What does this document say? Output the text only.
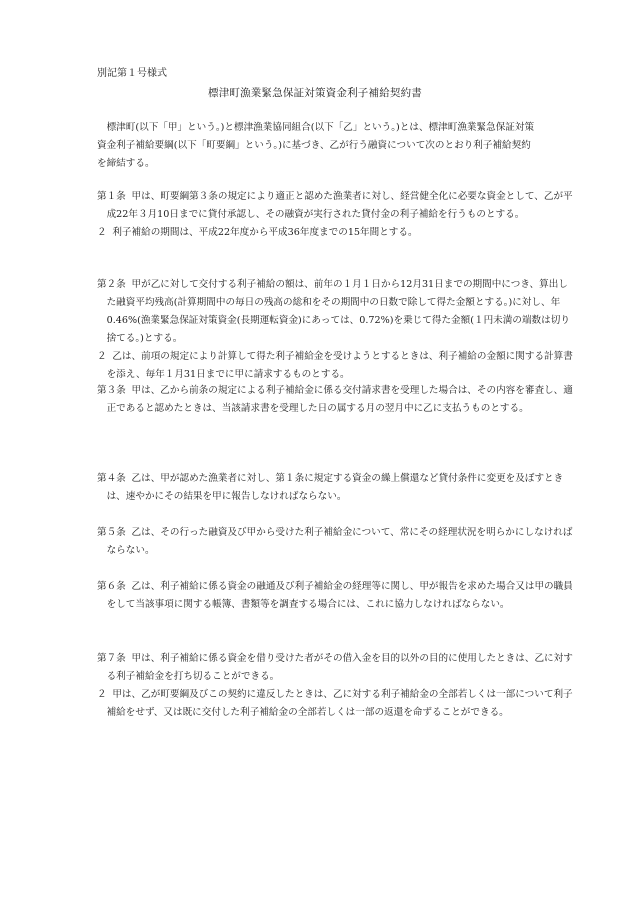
別記第１号様式
標津町漁業緊急保証対策資金利子補給契約書
標津町(以下「甲」という。)と標津漁業協同組合(以下「乙」という。)とは、標津町漁業緊急保証対策資金利子補給要綱(以下「町要綱」という。)に基づき、乙が行う融資について次のとおり利子補給契約を締結する。
第１条 甲は、町要綱第３条の規定により適正と認めた漁業者に対し、経営健全化に必要な資金として、乙が平成22年３月10日までに貸付承認し、その融資が実行された貸付金の利子補給を行うものとする。
２ 利子補給の期間は、平成22年度から平成36年度までの15年間とする。
第２条 甲が乙に対して交付する利子補給の額は、前年の１月１日から12月31日までの期間中につき、算出した融資平均残高(計算期間中の毎日の残高の総和をその期間中の日数で除して得た金額とする。)に対し、年0.46%(漁業緊急保証対策資金(長期運転資金)にあっては、0.72%)を乗じて得た金額(１円未満の端数は切り捨てる。)とする。
２ 乙は、前項の規定により計算して得た利子補給金を受けようとするときは、利子補給の金額に関する計算書を添え、毎年１月31日までに甲に請求するものとする。
第３条 甲は、乙から前条の規定による利子補給金に係る交付請求書を受理した場合は、その内容を審査し、適正であると認めたときは、当該請求書を受理した日の属する月の翌月中に乙に支払うものとする。
第４条 乙は、甲が認めた漁業者に対し、第１条に規定する資金の繰上償還など貸付条件に変更を及ぼすときは、速やかにその結果を甲に報告しなければならない。
第５条 乙は、その行った融資及び甲から受けた利子補給金について、常にその経理状況を明らかにしなければならない。
第６条 乙は、利子補給に係る資金の融通及び利子補給金の経理等に関し、甲が報告を求めた場合又は甲の職員をして当該事項に関する帳簿、書類等を調査する場合には、これに協力しなければならない。
第７条 甲は、利子補給に係る資金を借り受けた者がその借入金を目的以外の目的に使用したときは、乙に対する利子補給金を打ち切ることができる。
２ 甲は、乙が町要綱及びこの契約に違反したときは、乙に対する利子補給金の全部若しくは一部について利子補給をせず、又は既に交付した利子補給金の全部若しくは一部の返還を命ずることができる。
